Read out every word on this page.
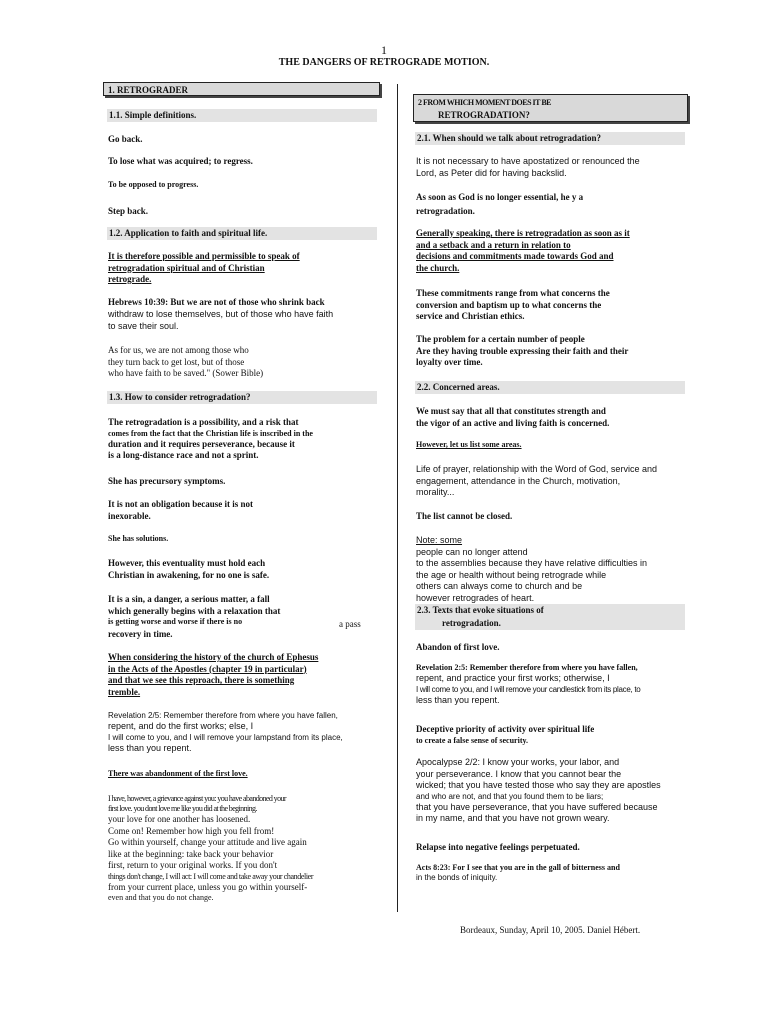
1
THE DANGERS OF RETROGRADE MOTION.
1. RETROGRADER
1.1. Simple definitions.
Go back.
To lose what was acquired; to regress.
To be opposed to progress.
Step back.
1.2. Application to faith and spiritual life.
It is therefore possible and permissible to speak of
retrogradation spiritual and of Christian
retrograde.
Hebrews 10:39: But we are not of those who shrink back
withdraw to lose themselves, but of those who have faith
to save their soul.
As for us, we are not among those who
they turn back to get lost, but of those
who have faith to be saved." (Sower Bible)
1.3. How to consider retrogradation?
The retrogradation is a possibility, and a risk that
comes from the fact that the Christian life is inscribed in the
duration and it requires perseverance, because it
is a long-distance race and not a sprint.
She has precursory symptoms.
It is not an obligation because it is not
inexorable.
She has solutions.
However, this eventuality must hold each
Christian in awakening, for no one is safe.
It is a sin, a danger, a serious matter, a fall
which generally begins with a relaxation that
is getting worse and worse if there is no	a pass
recovery in time.
When considering the history of the church of Ephesus
in the Acts of the Apostles (chapter 19 in particular)
and that we see this reproach, there is something
tremble.
Revelation 2/5: Remember therefore from where you have fallen,
repent, and do the first works; else, I
I will come to you, and I will remove your lampstand from its place,
less than you repent.
There was abandonment of the first love.
I have, however, a grievance against you: you have abandoned your
first love. you dont love me like you did at the beginning.
your love for one another has loosened.
Come on! Remember how high you fell from!
Go within yourself, change your attitude and live again
like at the beginning: take back your behavior
first, return to your original works. If you don't
things don't change, I will act: I will come and take away your chandelier
from your current place, unless you go within yourself-
even and that you do not change.
2 FROM WHICH MOMENT DOES IT BE
RETROGRADATION?
2.1. When should we talk about retrogradation?
It is not necessary to have apostatized or renounced the
Lord, as Peter did for having backslid.
As soon as God is no longer essential, he y a
retrogradation.
Generally speaking, there is retrogradation as soon as it
and a setback and a return in relation to
decisions and commitments made towards God and
the church.
These commitments range from what concerns the
conversion and baptism up to what concerns the
service and Christian ethics.
The problem for a certain number of people
Are they having trouble expressing their faith and their
loyalty over time.
2.2. Concerned areas.
We must say that all that constitutes strength and
the vigor of an active and living faith is concerned.
However, let us list some areas.
Life of prayer, relationship with the Word of God, service and
engagement, attendance in the Church, motivation,
morality...
The list cannot be closed.
Note: some
people can no longer attend
to the assemblies because they have relative difficulties in
the age or health without being retrograde while
others can always come to church and be
however retrogrades of heart.
2.3. Texts that evoke situations of
retrogradation.
Abandon of first love.
Revelation 2:5: Remember therefore from where you have fallen,
repent, and practice your first works; otherwise, I
I will come to you, and I will remove your candlestick from its place, to
less than you repent.
Deceptive priority of activity over spiritual life
to create a false sense of security.
Apocalypse 2/2: I know your works, your labor, and
your perseverance. I know that you cannot bear the
wicked; that you have tested those who say they are apostles
and who are not, and that you found them to be liars;
that you have perseverance, that you have suffered because
in my name, and that you have not grown weary.
Relapse into negative feelings perpetuated.
Acts 8:23: For I see that you are in the gall of bitterness and
in the bonds of iniquity.
Bordeaux, Sunday, April 10, 2005. Daniel Hébert.
